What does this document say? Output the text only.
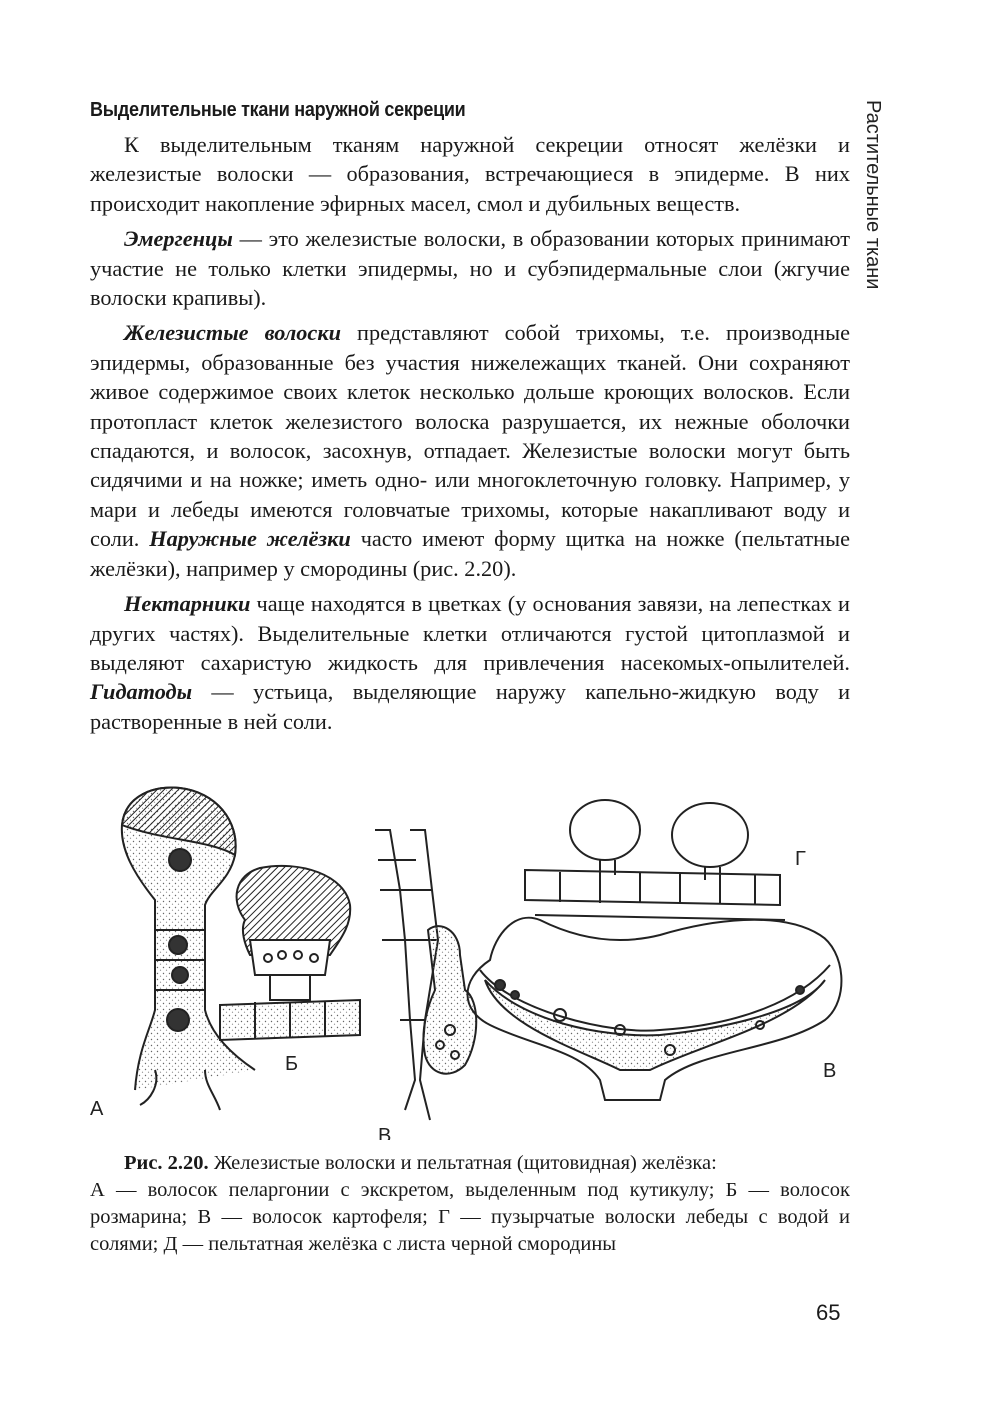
Растительные ткани
Выделительные ткани наружной секреции

К выделительным тканям наружной секреции относят желёзки и железистые волоски — образования, встречающиеся в эпидерме. В них происходит накопление эфирных масел, смол и дубильных веществ.

Эмергенцы — это железистые волоски, в образовании которых принимают участие не только клетки эпидермы, но и субэпидермальные слои (жгучие волоски крапивы).

Железистые волоски представляют собой трихомы, т.е. производные эпидермы, образованные без участия нижележащих тканей. Они сохраняют живое содержимое своих клеток несколько дольше кроющих волосков. Если протопласт клеток железистого волоска разрушается, их нежные оболочки спадаются, и волосок, засохнув, отпадает. Железистые волоски могут быть сидячими и на ножке; иметь одно- или многоклеточную головку. Например, у мари и лебеды имеются головчатые трихомы, которые накапливают воду и соли. Наружные желёзки часто имеют форму щитка на ножке (пельтатные желёзки), например у смородины (рис. 2.20).

Нектарники чаще находятся в цветках (у основания завязи, на лепестках и других частях). Выделительные клетки отличаются густой цитоплазмой и выделяют сахаристую жидкость для привлечения насекомых-опылителей. Гидатоды — устьица, выделяющие наружу капельно-жидкую воду и растворенные в ней соли.

А
Б
В
Г
В
Рис. 2.20. Железистые волоски и пельтатная (щитовидная) желёзка:
А — волосок пеларгонии с экскретом, выделенным под кутикулу; Б — волосок розмарина; В — волосок картофеля; Г — пузырчатые волоски лебеды с водой и солями; Д — пельтатная желёзка с листа черной смородины
65
